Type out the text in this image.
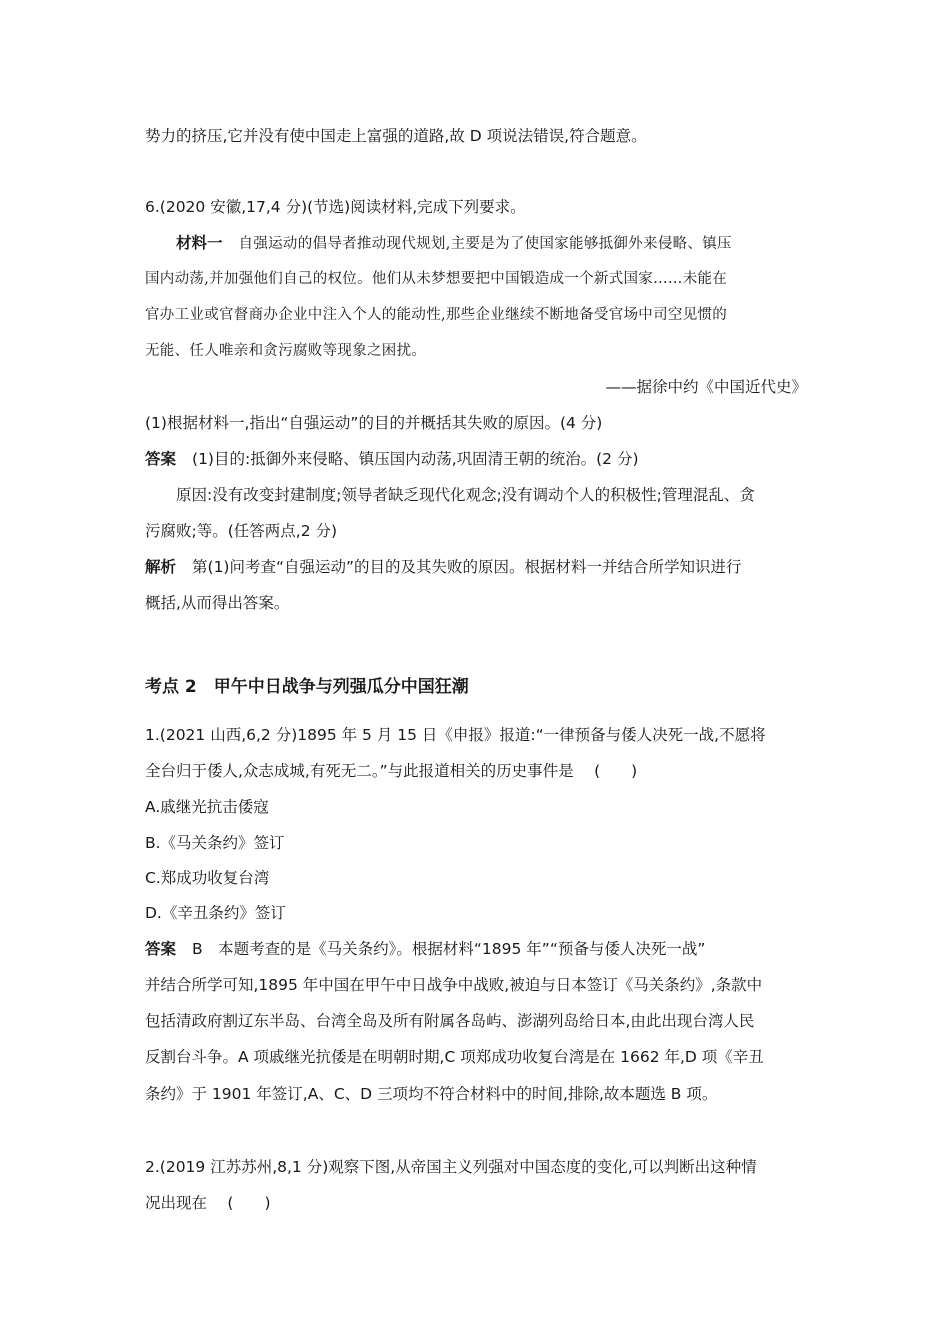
势力的挤压,它并没有使中国走上富强的道路,故 D 项说法错误,符合题意。
6.(2020 安徽,17,4 分)(节选)阅读材料,完成下列要求。
材料一 自强运动的倡导者推动现代规划,主要是为了使国家能够抵御外来侵略、镇压
国内动荡,并加强他们自己的权位。他们从未梦想要把中国锻造成一个新式国家……未能在
官办工业或官督商办企业中注入个人的能动性,那些企业继续不断地备受官场中司空见惯的
无能、任人唯亲和贪污腐败等现象之困扰。
——据徐中约《中国近代史》
(1)根据材料一,指出“自强运动”的目的并概括其失败的原因。(4 分)
答案 (1)目的:抵御外来侵略、镇压国内动荡,巩固清王朝的统治。(2 分)
原因:没有改变封建制度;领导者缺乏现代化观念;没有调动个人的积极性;管理混乱、贪
污腐败;等。(任答两点,2 分)
解析 第(1)问考查“自强运动”的目的及其失败的原因。根据材料一并结合所学知识进行
概括,从而得出答案。
考点 2　甲午中日战争与列强瓜分中国狂潮
1.(2021 山西,6,2 分)1895 年 5 月 15 日《申报》报道:“一律预备与倭人决死一战,不愿将
全台归于倭人,众志成城,有死无二。”与此报道相关的历史事件是　 (　　)
A.戚继光抗击倭寇
B.《马关条约》签订
C.郑成功收复台湾
D.《辛丑条约》签订
答案 B　本题考查的是《马关条约》。根据材料“1895 年”“预备与倭人决死一战”
并结合所学可知,1895 年中国在甲午中日战争中战败,被迫与日本签订《马关条约》,条款中
包括清政府割辽东半岛、台湾全岛及所有附属各岛屿、澎湖列岛给日本,由此出现台湾人民
反割台斗争。A 项戚继光抗倭是在明朝时期,C 项郑成功收复台湾是在 1662 年,D 项《辛丑
条约》于 1901 年签订,A、C、D 三项均不符合材料中的时间,排除,故本题选 B 项。
2.(2019 江苏苏州,8,1 分)观察下图,从帝国主义列强对中国态度的变化,可以判断出这种情
况出现在　 (　　)
